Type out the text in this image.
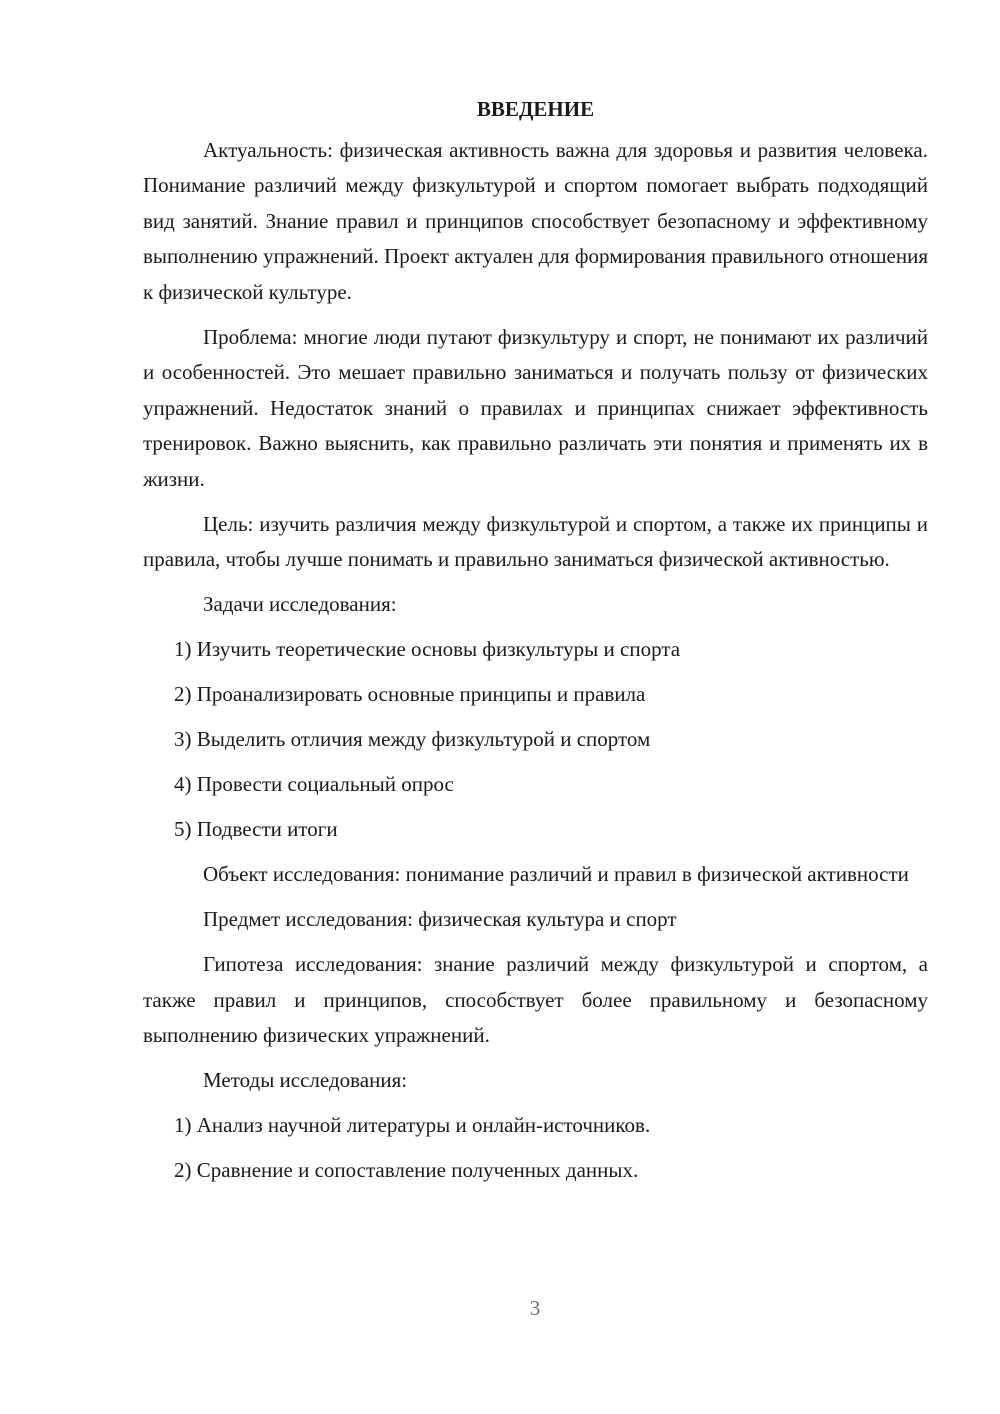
ВВЕДЕНИЕ

Актуальность: физическая активность важна для здоровья и развития человека. Понимание различий между физкультурой и спортом помогает выбрать подходящий вид занятий. Знание правил и принципов способствует безопасному и эффективному выполнению упражнений. Проект актуален для формирования правильного отношения к физической культуре.

Проблема: многие люди путают физкультуру и спорт, не понимают их различий и особенностей. Это мешает правильно заниматься и получать пользу от физических упражнений. Недостаток знаний о правилах и принципах снижает эффективность тренировок. Важно выяснить, как правильно различать эти понятия и применять их в жизни.

Цель: изучить различия между физкультурой и спортом, а также их принципы и правила, чтобы лучше понимать и правильно заниматься физической активностью.

Задачи исследования:
1) Изучить теоретические основы физкультуры и спорта
2) Проанализировать основные принципы и правила
3) Выделить отличия между физкультурой и спортом
4) Провести социальный опрос
5) Подвести итоги

Объект исследования: понимание различий и правил в физической активности

Предмет исследования: физическая культура и спорт

Гипотеза исследования: знание различий между физкультурой и спортом, а также правил и принципов, способствует более правильному и безопасному выполнению физических упражнений.

Методы исследования:
1) Анализ научной литературы и онлайн-источников.
2) Сравнение и сопоставление полученных данных.
3
